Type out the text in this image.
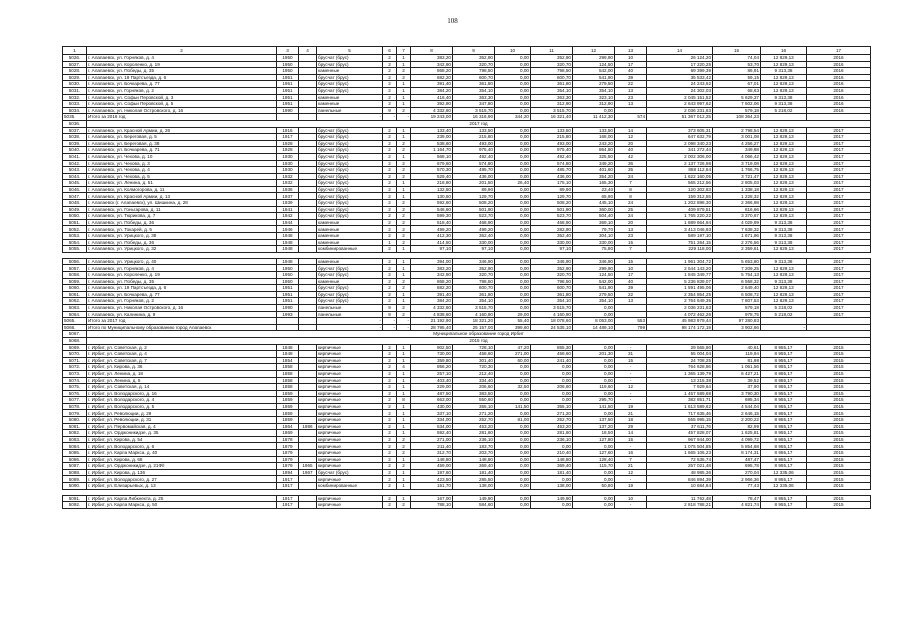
108
1	2	3	4	5	6	7	8	9	10	11	12	13	14	15	16	17
5026.	г. Алапаевск, ул. Горняков, д. 4	1950		брусчат (брус)	2	1	383,20	352,90	0,00	352,90	299,90	10	26 124,20	74,04	12 829,13	2016
5027.	г. Алапаевск, ул. Короленко, д. 19	1950		брусчат (брус)	2	1	342,90	320,70	0,00	320,70	124,50	17	17 220,25	53,70	12 829,13	2016
5028.	г. Алапаевск, ул. Победы, д. 35	1950		каменные	2	2	868,20	798,50	0,00	798,50	542,00	40	69 399,39	86,91	9 313,38	2016
5029.	г. Алапаевск, ул. 19 Партсъезда, д. 6	1951		брусчат (брус)	2	2	682,20	600,70	0,00	600,70	541,90	39	35 533,42	59,15	12 829,13	2016
5030.	г. Алапаевск, ул. Бочкарева, д. 77	1951		брусчат (брус)	2	1	391,40	361,80	0,00	361,80	279,50	22	24 243,62	67,01	12 829,13	2016
5031.	г. Алапаевск, ул. Горняков, д. 2	1951		брусчат (брус)	2	1	384,20	354,10	0,00	354,10	354,10	13	24 302,03	68,63	12 829,13	2016
5032.	г. Алапаевск, ул. Софьи Перовской, д. 3	1951		каменные	2	1	416,40	363,30	0,00	363,30	323,10	23	2 045 151,52	5 629,37	9 313,38	2016
5033.	г. Алапаевск, ул. Софьи Перовской, д. 5	1951		каменные	2	1	392,90	347,80	0,00	312,90	312,90	13	2 643 997,62	7 602,06	9 313,38	2016
5034.	г. Алапаевск, ул. Николая Островского, д. 16	1990		панельные	9	2	4 332,60	3 515,70	0,00	3 515,70	0,00		2 036 231,63	579,18	5 218,02	2016
5035.	Итого за 2016 год			-	-	-	19 243,00	16 316,90	344,20	16 321,40	11 412,30	574	51 367 012,25	108 364,23		
5036.	2017 год															
5037.	г. Алапаевск, ул. Красной Армии, д. 26	1916		брусчат (брус)	2	1	133,40	133,50	0,00	133,50	133,50	14	373 605,31	2 798,54	12 829,13	2017
5038.	г. Алапаевск, ул. Береговая, д. 5	1917		брусчат (брус)	2	1	239,00	215,80	0,00	215,80	168,00	12	647 632,79	3 001,08	12 829,13	2017
5039.	г. Алапаевск, ул. Береговая, д. 38	1928		брусчат (брус)	2	2	538,60	493,00	0,00	493,00	243,20	20	2 098 340,23	4 256,27	12 829,13	2017
5040.	г. Алапаевск, ул. Бочкарева, д. 71	1928		брусчат (брус)	2	2	1 164,70	975,40	0,00	975,40	864,80	40	341 272,44	349,88	12 829,13	2017
5041.	г. Алапаевск, ул. Чехова, д. 10	1930		брусчат (брус)	2	1	568,10	492,40	0,00	492,40	325,50	42	2 002 306,00	4 066,42	12 829,13	2017
5042.	г. Алапаевск, ул. Чехова, д. 3	1930		брусчат (брус)	2	2	679,60	574,80	0,00	574,80	349,20	36	2 137 726,98	3 719,08	12 829,13	2017
5043.	г. Алапаевск, ул. Чехова, д. 4	1930		брусчат (брус)	2	2	570,30	485,70	0,00	485,70	401,60	35	858 112,64	1 766,75	12 829,13	2017
5044.	г. Алапаевск, ул. Чехова, д. 5	1932		брусчат (брус)	2	2	529,40	436,00	0,00	436,00	354,20	24	1 622 160,05	3 721,47	12 829,13	2017
5045.	г. Алапаевск, ул. Ленина, д. 51	1932		брусчат (брус)	2	1	218,80	201,50	26,40	175,10	165,30	7	565 212,56	2 805,03	12 829,13	2017
5046.	г. Алапаевск, ул. Колмогорова, д. 11	1936		брусчат (брус)	2	1	132,50	89,90	0,00	89,90	23,40	8	120 302,63	1 338,18	12 829,13	2017
5047.	г. Алапаевск, ул. Красной Армии, д. 13	1937		брусчат (брус)	2	1	130,60	129,70	0,00	129,70	65,90	8	159 312,55	1 228,32	12 829,13	2017
5048.	г. Алапаевск (г. Алапаевск), ул. Шишкина, д. 28	1939		брусчат (брус)	2	2	592,60	508,20	0,00	508,20	445,10	24	1 202 898,30	2 366,98	12 829,13	2017
5049.	г. Алапаевск, ул. Гоньгарова, д. 11	1941		брусчат (брус)	2	2	546,60	501,90	0,00	501,90	360,00	25	409 879,51	816,66	12 829,13	2017
5050.	г. Алапаевск, ул. Тюрикова, д. 7	1942		брусчат (брус)	2	2	599,30	523,70	0,00	523,70	504,40	24	1 765 220,22	3 370,67	12 829,13	2017
5051.	г. Алапаевск, ул. Победы, д. 36	1944		каменные	2	2	518,40	468,90	0,00	468,90	369,10	20	1 889 664,94	4 029,99	9 313,38	2017
5052.	г. Алапаевск, ул. Токарей, д. 5	1946		каменные	2	2	499,20	499,20	0,00	282,90	79,70	13	3 413 046,93	7 638,32	9 313,38	2017
5053.	г. Алапаевск, ул. Урицкого, д. 38	1948		каменные	2	2	412,30	352,40	0,00	352,40	304,10	23	589 197,10	1 671,96	9 313,38	2017
5054.	г. Алапаевск, ул. Победы, д. 36	1948		каменные	1	2	414,50	330,00	0,00	330,00	330,00	15	751 264,15	2 276,56	9 313,38	2017
5055.	г. Алапаевск, ул. Урицкого, д. 32	1948		комбинированные	2	1	97,10	97,10	0,00	97,10	75,80	7	229 118,00	2 359,61	12 829,13	2017

5056.	г. Алапаевск, ул. Урицкого, д. 40	1948		каменные	2	1	394,00	346,90	0,00	346,90	346,90	15	1 961 304,72	5 653,80	9 313,38	2017
5057.	г. Алапаевск, ул. Горняков, д. 4	1950		брусчат (брус)	2	1	383,20	352,90	0,00	352,90	299,90	10	2 544 143,20	7 209,25	12 829,13	2017
5058.	г. Алапаевск, ул. Короленко, д. 19	1950		брусчат (брус)	2	1	342,90	320,70	0,00	320,70	124,50	17	1 845 349,77	5 754,13	12 829,13	2017
5059.	г. Алапаевск, ул. Победы, д. 35	1950		каменные	2	2	868,20	798,50	0,00	798,50	542,00	40	5 236 839,07	6 558,32	9 313,38	2017
5060.	г. Алапаевск, ул. 19 Партсъезда, д. 6	1951		брусчат (брус)	2	2	682,20	600,70	0,00	600,70	541,90	39	1 591 495,06	2 649,40	12 829,13	2017
5061.	г. Алапаевск, ул. Бочкарева, д. 77	1951		брусчат (брус)	2	1	391,40	361,80	0,00	361,80	279,50	22	2 354 854,25	6 508,72	12 829,13	2017
5062.	г. Алапаевск, ул. Горняков, д. 2	1951		брусчат (брус)	2	1	384,20	354,10	0,00	354,10	354,10	13	2 764 649,35	7 807,53	12 829,13	2017
5063.	г. Алапаевск, ул. Николая Островского, д. 16	1990		панельные	9	2	4 332,60	3 515,70	0,00	3 515,70	0,00		2 036 231,63	579,18	5 218,02	2017
5064.	г. Алапаевск, ул. Калинина, д. 9	1993		панельные	9	2	4 838,60	4 160,90	29,00	4 160,90	0,00		4 072 462,26	978,75	5 218,02	2017
5065.	Итого за 2017 год			-	-	-	21 192,90	18 321,20	55,40	18 078,60	8 053,00	553	45 983 979,44	97 280,83		
5066.	Итого по Муниципальному образованию город Алапаевск			-	-	-	28 795,40	25 157,00	399,60	24 535,10	14 489,10	799	98 174 172,19	3 902,66	-	
5067.	Муниципальное образование город Ирбит															
5068.	2015 год															
5069.	г. Ирбит, ул. Советская, д. 2	1848		кирпичные	2	1	902,50	728,10	47,20	855,30	0,00	-	29 565,90	40,61	8 955,17	2015
5070.	г. Ирбит, ул. Советская, д. 4	1848		кирпичные	2	1	730,00	458,60	271,00	458,60	201,30	31	55 004,04	119,94	8 955,17	2015
5071.	г. Ирбит, ул. Советская, д. 7	1854		кирпичные	2	1	359,80	301,40	60,00	241,40	0,00	15	24 708,25	81,98	8 955,17	2015
5072.	г. Ирбит, ул. Кирова, д. 36	1858		кирпичные	2	4	856,20	720,30	0,00	0,00	0,00	-	764 628,86	1 061,56	8 955,17	2015
5073.	г. Ирбит, ул. Ленина, д. 18	1858		кирпичные	2	1	257,10	212,40	0,00	0,00	0,00	-	1 365 139,79	6 427,21	8 955,17	2015
5074.	г. Ирбит, ул. Ленина, д. 5	1858		кирпичные	2	1	403,40	334,40	0,00	0,00	0,00	-	13 215,38	39,52	8 955,17	2015
5075.	г. Ирбит, ул. Советская, д. 14	1858		кирпичные	2	1	229,00	206,60	32,50	206,60	119,60	12	7 929,64	37,90	8 955,17	2015
5076.	г. Ирбит, ул. Володарского, д. 16	1859		кирпичные	2	1	487,50	383,50	0,00	0,00	0,00	-	1 457 589,68	3 790,30	8 955,17	2015
5077.	г. Ирбит, ул. Володарского, д. 4	1859		кирпичные	2	8	663,00	550,60	0,00	0,00	295,70	-	382 851,71	695,34	8 955,17	2015
5078.	г. Ирбит, ул. Володарского, д. 5	1859		кирпичные	2	1	430,00	355,10	141,50	355,10	141,50	19	1 613 589,62	4 544,04	8 955,17	2015
5079.	г. Ирбит, ул. Революции, д. 29	1859		кирпичные	2	1	337,10	271,20	0,00	271,20	0,00	21	717 635,46	2 646,15	8 955,17	2015
5080.	г. Ирбит, ул. Революции, д. 31	1859		кирпичные	2	1	334,00	252,70	81,00	252,70	137,50	18	555 995,15	2 200,22	8 955,17	2015
5081.	г. Ирбит, ул. Первомайская, д. 4	1864	1986	кирпичные	2	1	534,00	453,20	0,00	453,20	137,20	29	37 611,76	82,99	8 955,17	2015
5082.	г. Ирбит, ул. Орджоникидзе, д. 35	1869		кирпичные	2	1	592,40	281,60	0,00	281,60	18,50	14	457 828,07	1 625,81	8 955,17	2015
5083.	г. Ирбит, ул. Кирова, д. 54	1878		кирпичные	2	2	271,00	236,10	0,00	236,10	127,80	15	967 944,00	4 099,72	8 955,17	2015
5084.	г. Ирбит, ул. Володарского, д. 6	1879		кирпичные	2	2	211,40	183,70	0,00	0,00	0,00	-	1 075 504,85	5 854,68	8 955,17	2015
5085.	г. Ирбит, ул. Карла Маркса, д. 40	1879		кирпичные	2	2	312,70	203,70	0,00	210,40	127,60	16	1 665 106,23	8 174,31	8 955,17	2015
5086.	г. Ирбит, ул. Кирова, д. 68	1879		кирпичные	2	1	148,80	148,80	0,00	148,80	128,40	7	72 535,74	487,47	8 955,17	2015
5087.	г. Ирбит, ул. Орджоникидзе, д. 21Ф/I	1879	1965	кирпичные	2	2	459,00	369,40	0,00	369,40	115,70	21	257 021,48	695,78	8 955,17	2015
5088.	г. Ирбит, ул. Кирова, д. 136	1894	1967	брусчат (брус)	2	1	197,60	181,40	0,00	181,40	0,00	12	48 985,36	270,04	12 335,06	2015
5089.	г. Ирбит, ул. Володарского, д. 27	1917		кирпичные	2	1	423,50	285,50	0,00	0,00	0,00	-	846 894,39	2 966,36	8 955,17	2015
5090.	г. Ирбит, ул. Елизарьевых, д. 13	1917		комбинированные	2	1	151,70	138,00	0,00	138,00	50,80	19	10 684,84	77,43	12 335,06	2015

5091.	г. Ирбит, ул. Карла Либкнехта, д. 25	1917		кирпичные	2	1	167,00	149,90	0,00	149,90	0,00	10	11 762,48	78,47	8 955,17	2015
5092.	г. Ирбит, ул. Карла Маркса, д. 50	1917		кирпичные	2	2	788,10	584,60	0,00	0,00	0,00	-	2 818 788,21	4 821,74	8 955,17	2015
